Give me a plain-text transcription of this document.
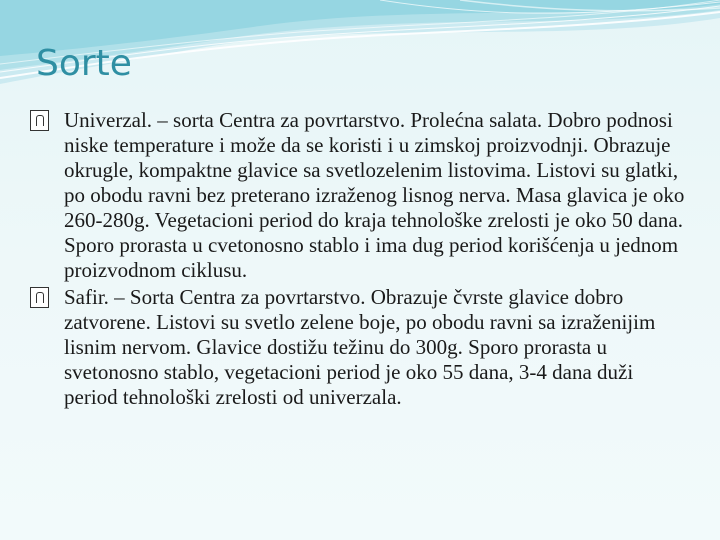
Sorte

Univerzal. – sorta Centra za povrtarstvo. Prolećna salata. Dobro podnosi niske temperature i može da se koristi i u zimskoj proizvodnji. Obrazuje okrugle, kompaktne glavice sa svetlozelenim listovima. Listovi su glatki, po obodu ravni bez preterano izraženog lisnog nerva. Masa glavica je oko 260-280g. Vegetacioni period do kraja tehnološke zrelosti je oko 50 dana. Sporo prorasta u cvetonosno stablo i ima dug period korišćenja u jednom proizvodnom ciklusu.

Safir. – Sorta Centra za povrtarstvo. Obrazuje čvrste glavice dobro zatvorene. Listovi su svetlo zelene boje, po obodu ravni sa izraženijim lisnim nervom. Glavice dostižu težinu do 300g. Sporo prorasta u svetonosno stablo, vegetacioni period je oko 55 dana, 3-4 dana duži period tehnološki zrelosti od univerzala.
